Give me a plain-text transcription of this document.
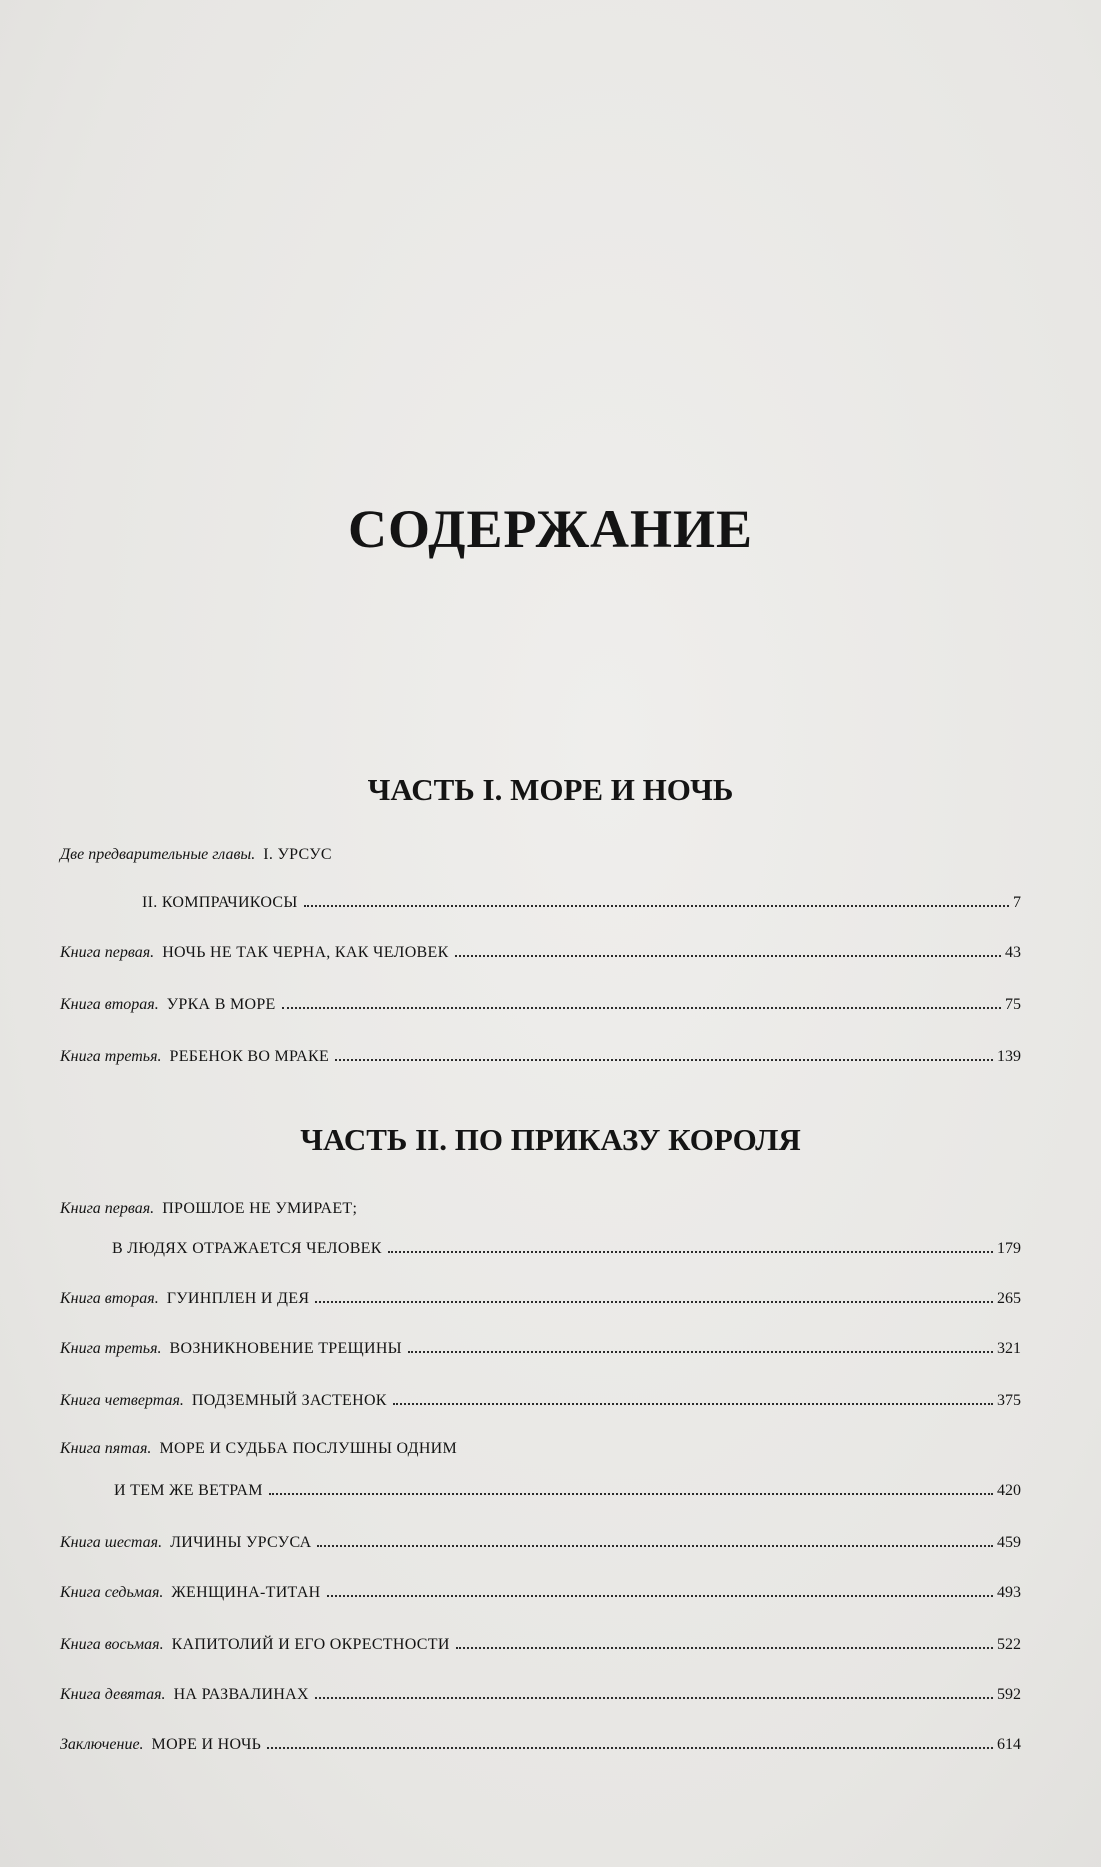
СОДЕРЖАНИЕ
ЧАСТЬ I. МОРЕ И НОЧЬ
Две предварительные главы. I. УРСУС
II. КОМПРАЧИКОСЫ	7
Книга первая. НОЧЬ НЕ ТАК ЧЕРНА, КАК ЧЕЛОВЕК	43
Книга вторая. УРКА В МОРЕ	75
Книга третья. РЕБЕНОК ВО МРАКЕ	139
ЧАСТЬ II. ПО ПРИКАЗУ КОРОЛЯ
Книга первая. ПРОШЛОЕ НЕ УМИРАЕТ;
В ЛЮДЯХ ОТРАЖАЕТСЯ ЧЕЛОВЕК	179
Книга вторая. ГУИНПЛЕН И ДЕЯ	265
Книга третья. ВОЗНИКНОВЕНИЕ ТРЕЩИНЫ	321
Книга четвертая. ПОДЗЕМНЫЙ ЗАСТЕНОК	375
Книга пятая. МОРЕ И СУДЬБА ПОСЛУШНЫ ОДНИМ
И ТЕМ ЖЕ ВЕТРАМ	420
Книга шестая. ЛИЧИНЫ УРСУСА	459
Книга седьмая. ЖЕНЩИНА-ТИТАН	493
Книга восьмая. КАПИТОЛИЙ И ЕГО ОКРЕСТНОСТИ	522
Книга девятая. НА РАЗВАЛИНАХ	592
Заключение. МОРЕ И НОЧЬ	614
